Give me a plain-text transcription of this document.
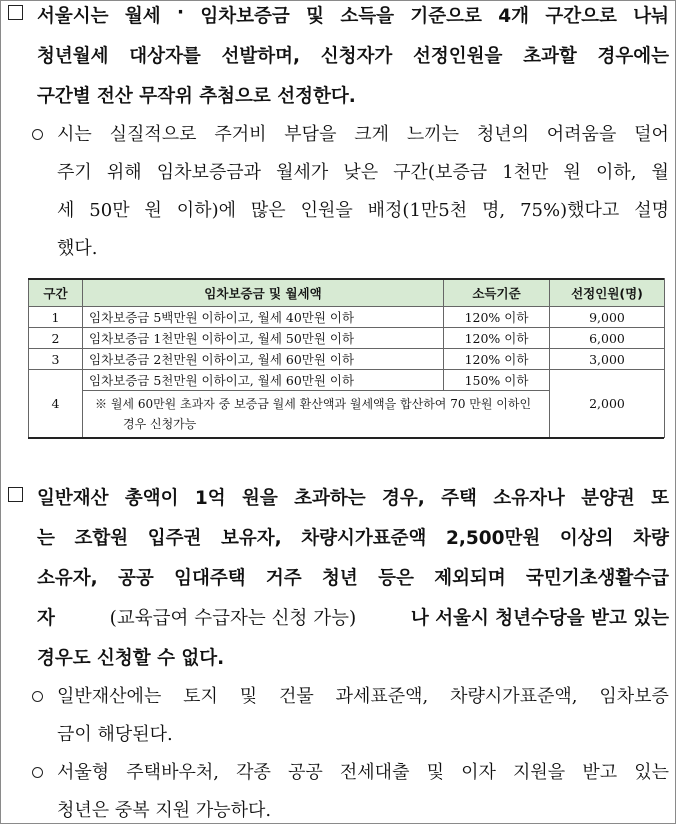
서울시는 월세 · 임차보증금 및 소득을 기준으로 4개 구간으로 나눠
청년월세 대상자를 선발하며, 신청자가 선정인원을 초과할 경우에는
구간별 전산 무작위 추첨으로 선정한다.
시는 실질적으로 주거비 부담을 크게 느끼는 청년의 어려움을 덜어
주기 위해 임차보증금과 월세가 낮은 구간(보증금 1천만 원 이하, 월
세 50만 원 이하)에 많은 인원을 배정(1만5천 명, 75%)했다고 설명
했다.
구간	임차보증금 및 월세액	소득기준	선정인원(명)
1	임차보증금 5백만원 이하이고, 월세 40만원 이하	120% 이하	9,000
2	임차보증금 1천만원 이하이고, 월세 50만원 이하	120% 이하	6,000
3	임차보증금 2천만원 이하이고, 월세 60만원 이하	120% 이하	3,000
4	임차보증금 5천만원 이하이고, 월세 60만원 이하	150% 이하	2,000
	※ 월세 60만원 초과자 중 보증금 월세 환산액과 월세액을 합산하여 70 만원 이하인 경우 신청가능		
일반재산 총액이 1억 원을 초과하는 경우, 주택 소유자나 분양권 또
는 조합원 입주권 보유자, 차량시가표준액 2,500만원 이상의 차량
소유자, 공공 임대주택 거주 청년 등은 제외되며 국민기초생활수급
자	(교육급여 수급자는 신청 가능)	나 서울시 청년수당을 받고 있는
경우도 신청할 수 없다.
일반재산에는 토지 및 건물 과세표준액, 차량시가표준액, 임차보증
금이 해당된다.
서울형 주택바우처, 각종 공공 전세대출 및 이자 지원을 받고 있는
청년은 중복 지원 가능하다.
